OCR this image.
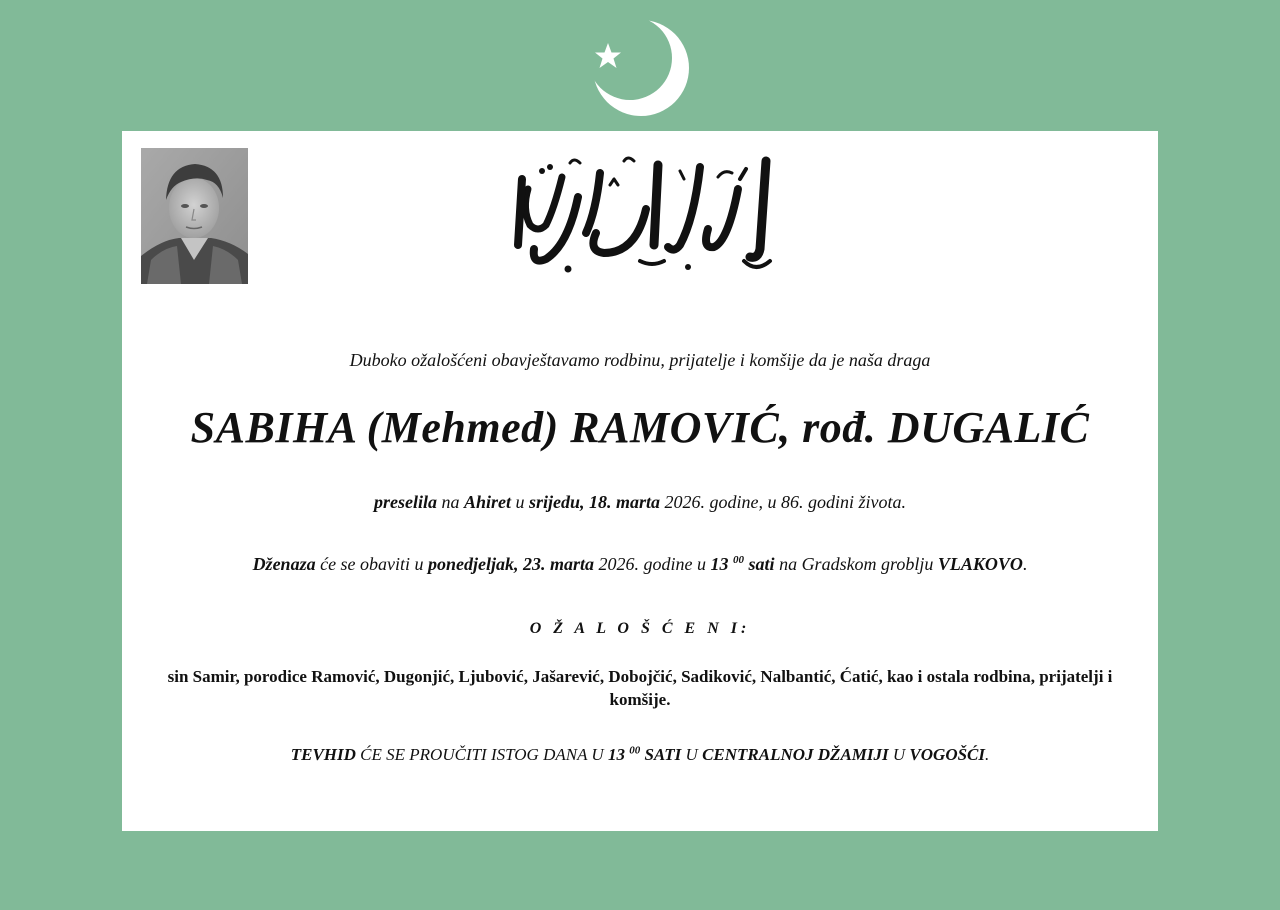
Duboko ožalošćeni obavještavamo rodbinu, prijatelje i komšije da je naša draga
SABIHA (Mehmed) RAMOVIĆ, rođ. DUGALIĆ
preselila na Ahiret u srijedu, 18. marta 2026. godine, u 86. godini života.
Dženaza će se obaviti u ponedjeljak, 23. marta 2026. godine u 13 $^{00}$ sati na Gradskom groblju VLAKOVO.
O Ž A L O Š Ć E N I:
sin Samir, porodice Ramović, Dugonjić, Ljubović, Jašarević, Dobojčić, Sadiković, Nalbantić, Ćatić, kao i ostala rodbina, prijatelji i komšije.
TEVHID ĆE SE PROUČITI ISTOG DANA U 13 $^{00}$ SATI U CENTRALNOJ DŽAMIJI U VOGOŠĆI.
